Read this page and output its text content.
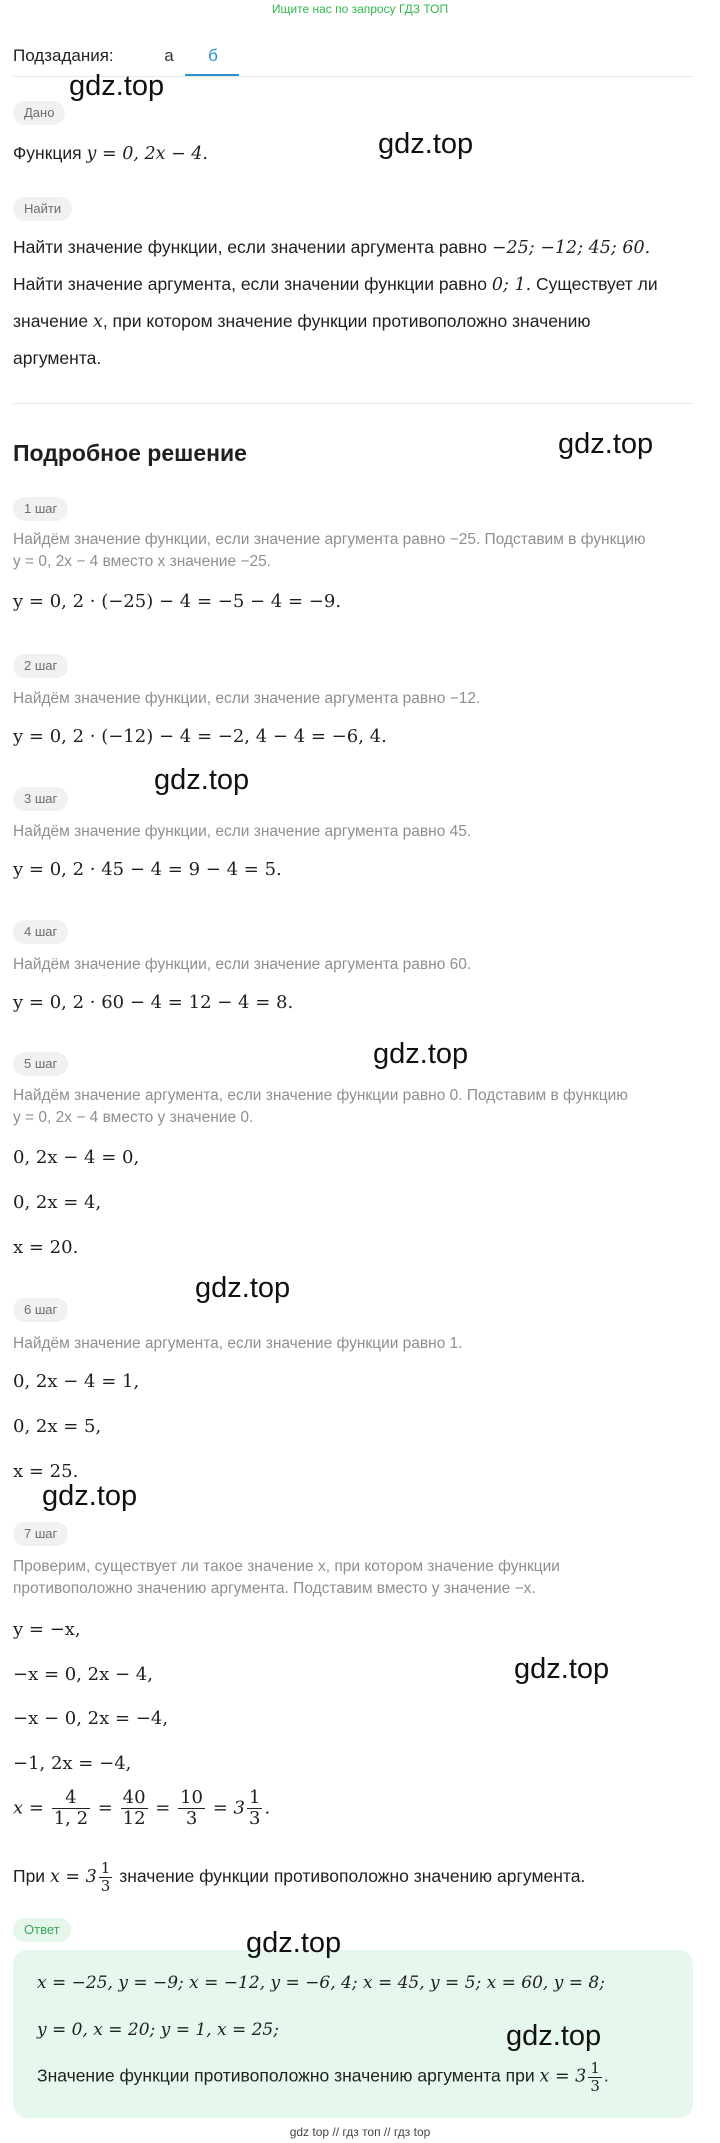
Ищите нас по запросу ГДЗ ТОП
Подзадания:	а	б
Дано
Функция y = 0, 2x − 4.
Найти
Найти значение функции, если значении аргумента равно −25; −12; 45; 60.
Найти значение аргумента, если значении функции равно 0; 1. Существует ли
значение x, при котором значение функции противоположно значению
аргумента.
Подробное решение
1 шаг
Найдём значение функции, если значение аргумента равно −25. Подставим в функцию
y = 0, 2x − 4 вместо x значение −25.
y = 0, 2 · (−25) − 4 = −5 − 4 = −9.
2 шаг
Найдём значение функции, если значение аргумента равно −12.
y = 0, 2 · (−12) − 4 = −2, 4 − 4 = −6, 4.
3 шаг
Найдём значение функции, если значение аргумента равно 45.
y = 0, 2 · 45 − 4 = 9 − 4 = 5.
4 шаг
Найдём значение функции, если значение аргумента равно 60.
y = 0, 2 · 60 − 4 = 12 − 4 = 8.
5 шаг
Найдём значение аргумента, если значение функции равно 0. Подставим в функцию
y = 0, 2x − 4 вместо y значение 0.
0, 2x − 4 = 0,
0, 2x = 4,
x = 20.
6 шаг
Найдём значение аргумента, если значение функции равно 1.
0, 2x − 4 = 1,
0, 2x = 5,
x = 25.
7 шаг
Проверим, существует ли такое значение x, при котором значение функции
противоположно значению аргумента. Подставим вместо y значение −x.
y = −x,
−x = 0, 2x − 4,
−x − 0, 2x = −4,
−1, 2x = −4,
$x = \frac{4}{1, 2} = \frac{40}{12} = \frac{10}{3} = 3 \frac{1}{3}$ .
При $x = 3 \frac{1}{3}$ значение функции противоположно значению аргумента.
Ответ
x = −25, y = −9; x = −12, y = −6, 4; x = 45, y = 5; x = 60, y = 8;
y = 0, x = 20; y = 1, x = 25;
Значение функции противоположно значению аргумента при $x = 3 \frac{1}{3}$ .
gdz.top
gdz.top
gdz.top
gdz.top
gdz.top
gdz.top
gdz.top
gdz.top
gdz.top
gdz.top
gdz top // гдз топ // гдз top
